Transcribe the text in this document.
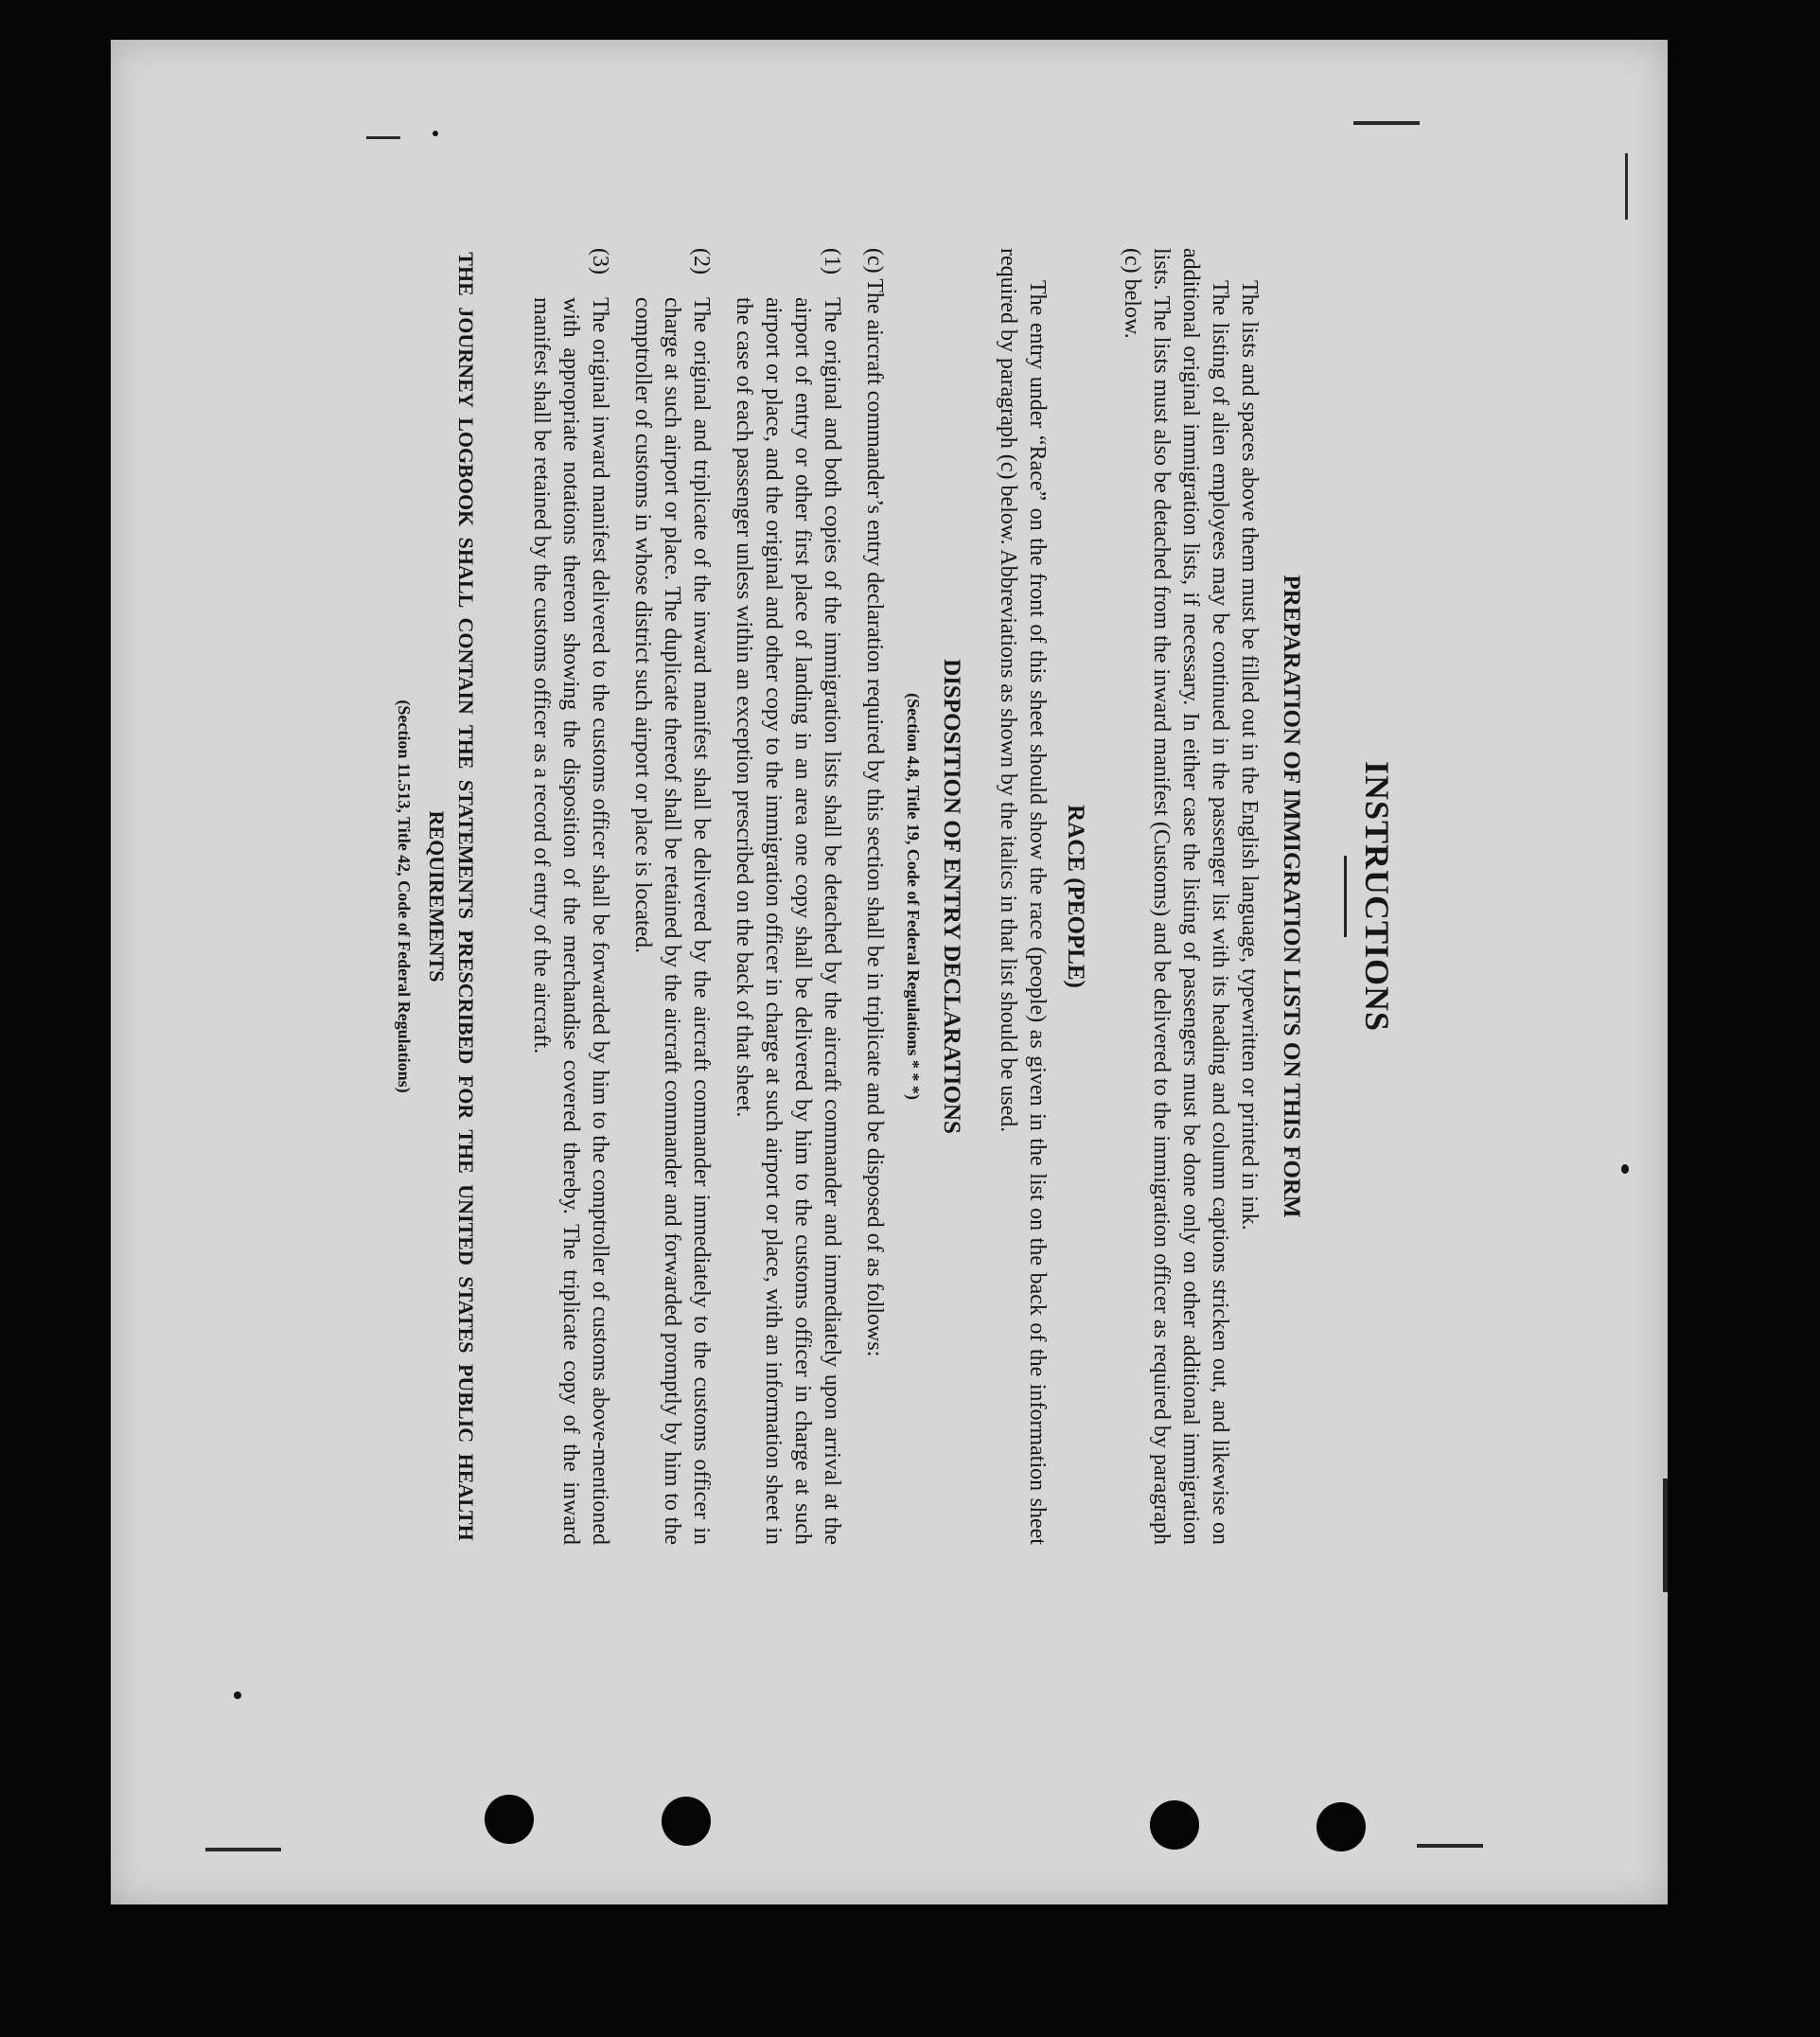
INSTRUCTIONS
PREPARATION OF IMMIGRATION LISTS ON THIS FORM

The lists and spaces above them must be filled out in the English language, typewritten or printed in ink.

The listing of alien employees may be continued in the passenger list with its heading and column captions stricken out, and likewise on additional original immigration lists, if necessary. In either case the listing of passengers must be done only on other additional immigration lists. The lists must also be detached from the inward manifest (Customs) and be delivered to the immigration officer as required by paragraph (c) below.

RACE (PEOPLE)

The entry under “Race” on the front of this sheet should show the race (people) as given in the list on the back of the information sheet required by paragraph (c) below. Abbreviations as shown by the italics in that list should be used.

DISPOSITION OF ENTRY DECLARATIONS
(Section 4.8, Title 19, Code of Federal Regulations * * *)

(c) The aircraft commander’s entry declaration required by this section shall be in triplicate and be disposed of as follows:

(1)
The original and both copies of the immigration lists shall be detached by the aircraft commander and immediately upon arrival at the airport of entry or other first place of landing in an area one copy shall be delivered by him to the customs officer in charge at such airport or place, and the original and other copy to the immigration officer in charge at such airport or place, with an information sheet in the case of each passenger unless within an exception prescribed on the back of that sheet.
(2)
The original and triplicate of the inward manifest shall be delivered by the aircraft commander immediately to the customs officer in charge at such airport or place. The duplicate thereof shall be retained by the aircraft commander and forwarded promptly by him to the comptroller of customs in whose district such airport or place is located.
(3)
The original inward manifest delivered to the customs officer shall be forwarded by him to the comptroller of customs above-mentioned with appropriate notations thereon showing the disposition of the merchandise covered thereby. The triplicate copy of the inward manifest shall be retained by the customs officer as a record of entry of the aircraft.
THE JOURNEY LOGBOOK SHALL CONTAIN THE STATEMENTS PRESCRIBED FOR THE UNITED STATES PUBLIC HEALTH REQUIREMENTS
(Section 11.513, Title 42, Code of Federal Regulations)
